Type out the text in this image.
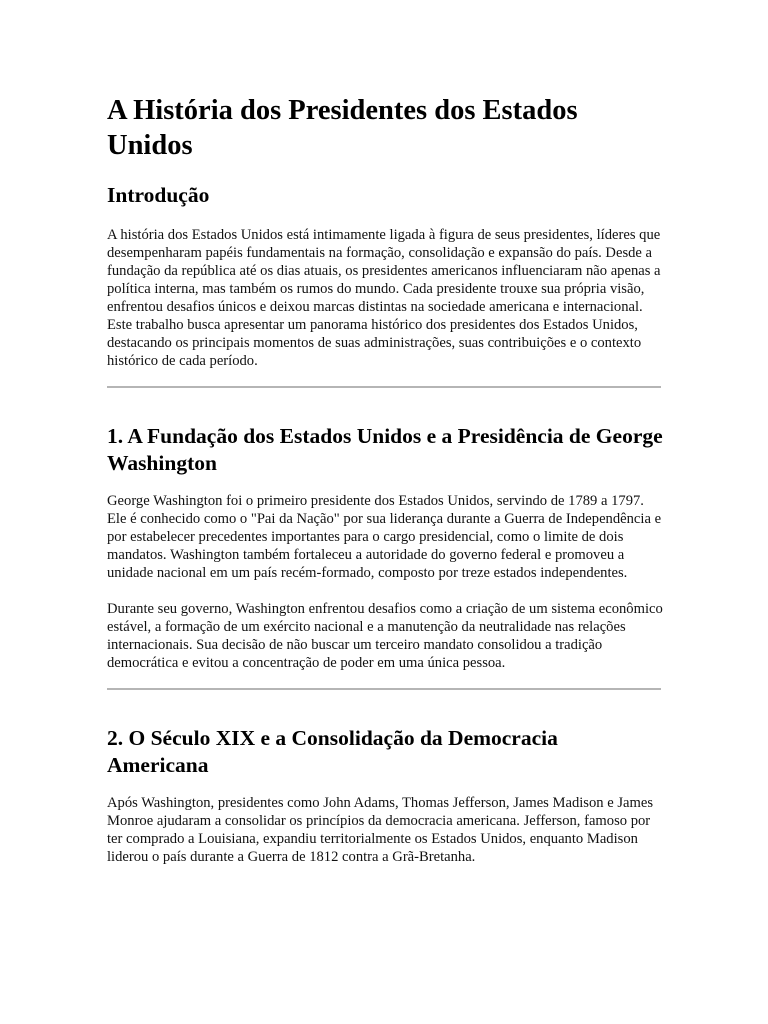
A História dos Presidentes dos Estados Unidos
Introdução

A história dos Estados Unidos está intimamente ligada à figura de seus presidentes, líderes que desempenharam papéis fundamentais na formação, consolidação e expansão do país. Desde a fundação da república até os dias atuais, os presidentes americanos influenciaram não apenas a política interna, mas também os rumos do mundo. Cada presidente trouxe sua própria visão, enfrentou desafios únicos e deixou marcas distintas na sociedade americana e internacional. Este trabalho busca apresentar um panorama histórico dos presidentes dos Estados Unidos, destacando os principais momentos de suas administrações, suas contribuições e o contexto histórico de cada período.

1. A Fundação dos Estados Unidos e a Presidência de George Washington

George Washington foi o primeiro presidente dos Estados Unidos, servindo de 1789 a 1797. Ele é conhecido como o "Pai da Nação" por sua liderança durante a Guerra de Independência e por estabelecer precedentes importantes para o cargo presidencial, como o limite de dois mandatos. Washington também fortaleceu a autoridade do governo federal e promoveu a unidade nacional em um país recém-formado, composto por treze estados independentes.

Durante seu governo, Washington enfrentou desafios como a criação de um sistema econômico estável, a formação de um exército nacional e a manutenção da neutralidade nas relações internacionais. Sua decisão de não buscar um terceiro mandato consolidou a tradição democrática e evitou a concentração de poder em uma única pessoa.

2. O Século XIX e a Consolidação da Democracia Americana

Após Washington, presidentes como John Adams, Thomas Jefferson, James Madison e James Monroe ajudaram a consolidar os princípios da democracia americana. Jefferson, famoso por ter comprado a Louisiana, expandiu territorialmente os Estados Unidos, enquanto Madison liderou o país durante a Guerra de 1812 contra a Grã-Bretanha.
